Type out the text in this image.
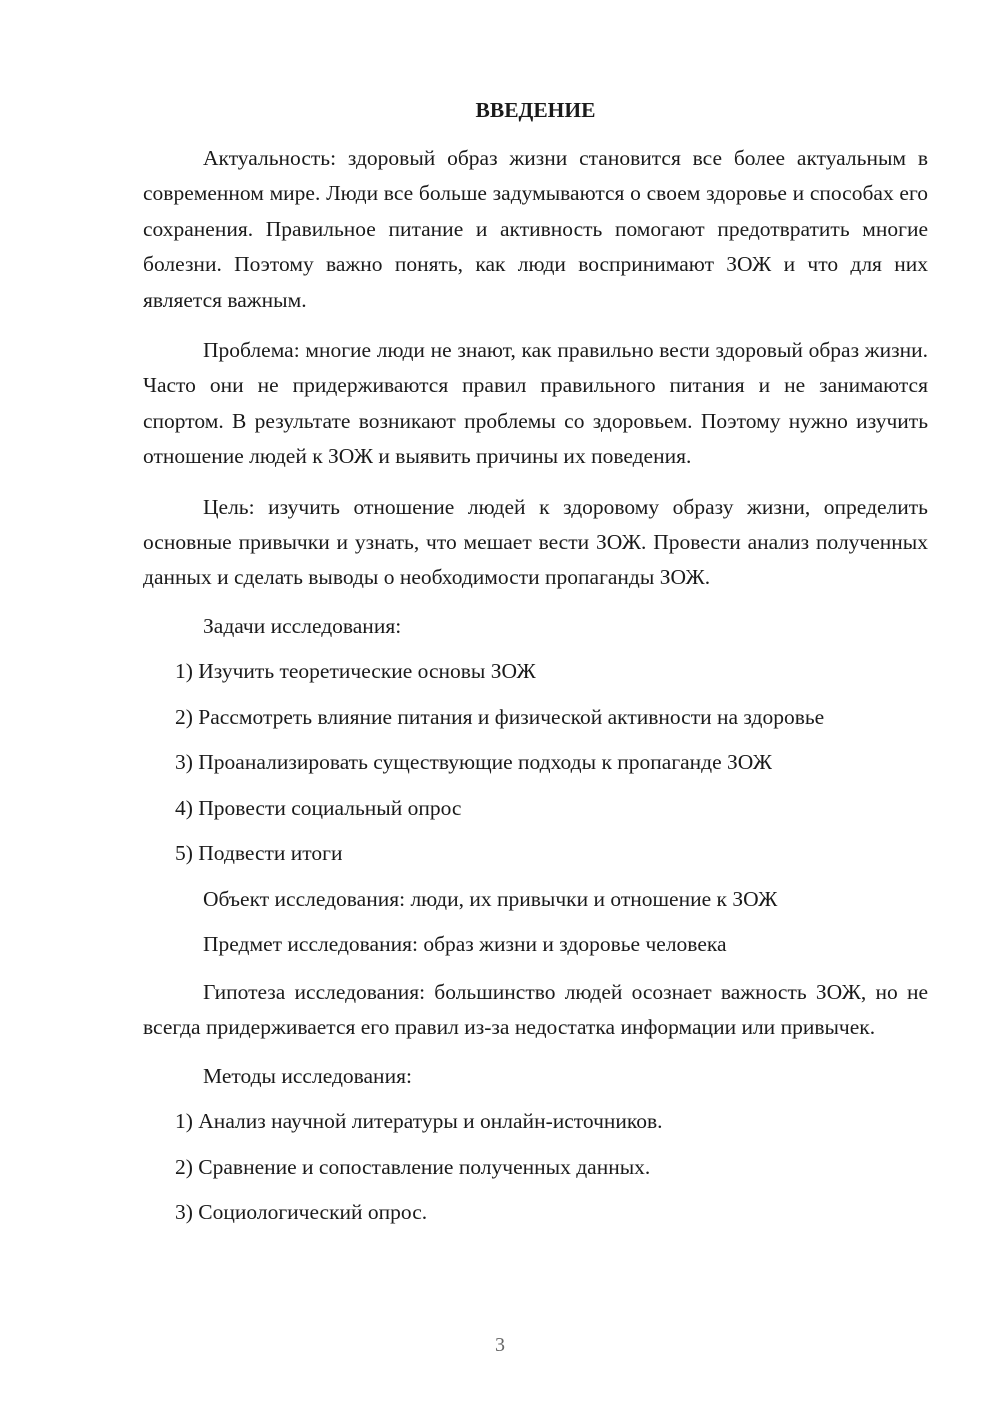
ВВЕДЕНИЕ

Актуальность: здоровый образ жизни становится все более актуальным в современном мире. Люди все больше задумываются о своем здоровье и способах его сохранения. Правильное питание и активность помогают предотвратить многие болезни. Поэтому важно понять, как люди воспринимают ЗОЖ и что для них является важным.

Проблема: многие люди не знают, как правильно вести здоровый образ жизни. Часто они не придерживаются правил правильного питания и не занимаются спортом. В результате возникают проблемы со здоровьем. Поэтому нужно изучить отношение людей к ЗОЖ и выявить причины их поведения.

Цель: изучить отношение людей к здоровому образу жизни, определить основные привычки и узнать, что мешает вести ЗОЖ. Провести анализ полученных данных и сделать выводы о необходимости пропаганды ЗОЖ.

Задачи исследования:
1) Изучить теоретические основы ЗОЖ
2) Рассмотреть влияние питания и физической активности на здоровье
3) Проанализировать существующие подходы к пропаганде ЗОЖ
4) Провести социальный опрос
5) Подвести итоги
Объект исследования: люди, их привычки и отношение к ЗОЖ
Предмет исследования: образ жизни и здоровье человека

Гипотеза исследования: большинство людей осознает важность ЗОЖ, но не всегда придерживается его правил из-за недостатка информации или привычек.

Методы исследования:
1) Анализ научной литературы и онлайн-источников.
2) Сравнение и сопоставление полученных данных.
3) Социологический опрос.
3
